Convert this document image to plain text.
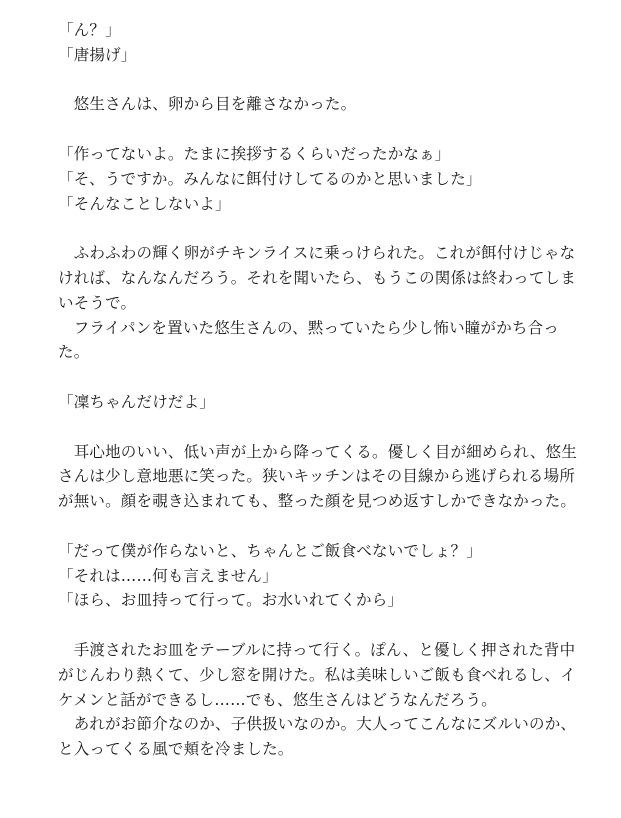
「ん？」
「唐揚げ」
　悠生さんは、卵から目を離さなかった。
「作ってないよ。たまに挨拶するくらいだったかなぁ」
「そ、うですか。みんなに餌付けしてるのかと思いました」
「そんなことしないよ」
　ふわふわの輝く卵がチキンライスに乗っけられた。これが餌付けじゃな
ければ、なんなんだろう。それを聞いたら、もうこの関係は終わってしま
いそうで。
　フライパンを置いた悠生さんの、黙っていたら少し怖い瞳がかち合っ
た。
「凜ちゃんだけだよ」
　耳心地のいい、低い声が上から降ってくる。優しく目が細められ、悠生
さんは少し意地悪に笑った。狭いキッチンはその目線から逃げられる場所
が無い。顔を覗き込まれても、整った顔を見つめ返すしかできなかった。
「だって僕が作らないと、ちゃんとご飯食べないでしょ？」
「それは……何も言えません」
「ほら、お皿持って行って。お水いれてくから」
　手渡されたお皿をテーブルに持って行く。ぽん、と優しく押された背中
がじんわり熱くて、少し窓を開けた。私は美味しいご飯も食べれるし、イ
ケメンと話ができるし……でも、悠生さんはどうなんだろう。
　あれがお節介なのか、子供扱いなのか。大人ってこんなにズルいのか、
と入ってくる風で頬を冷ました。
